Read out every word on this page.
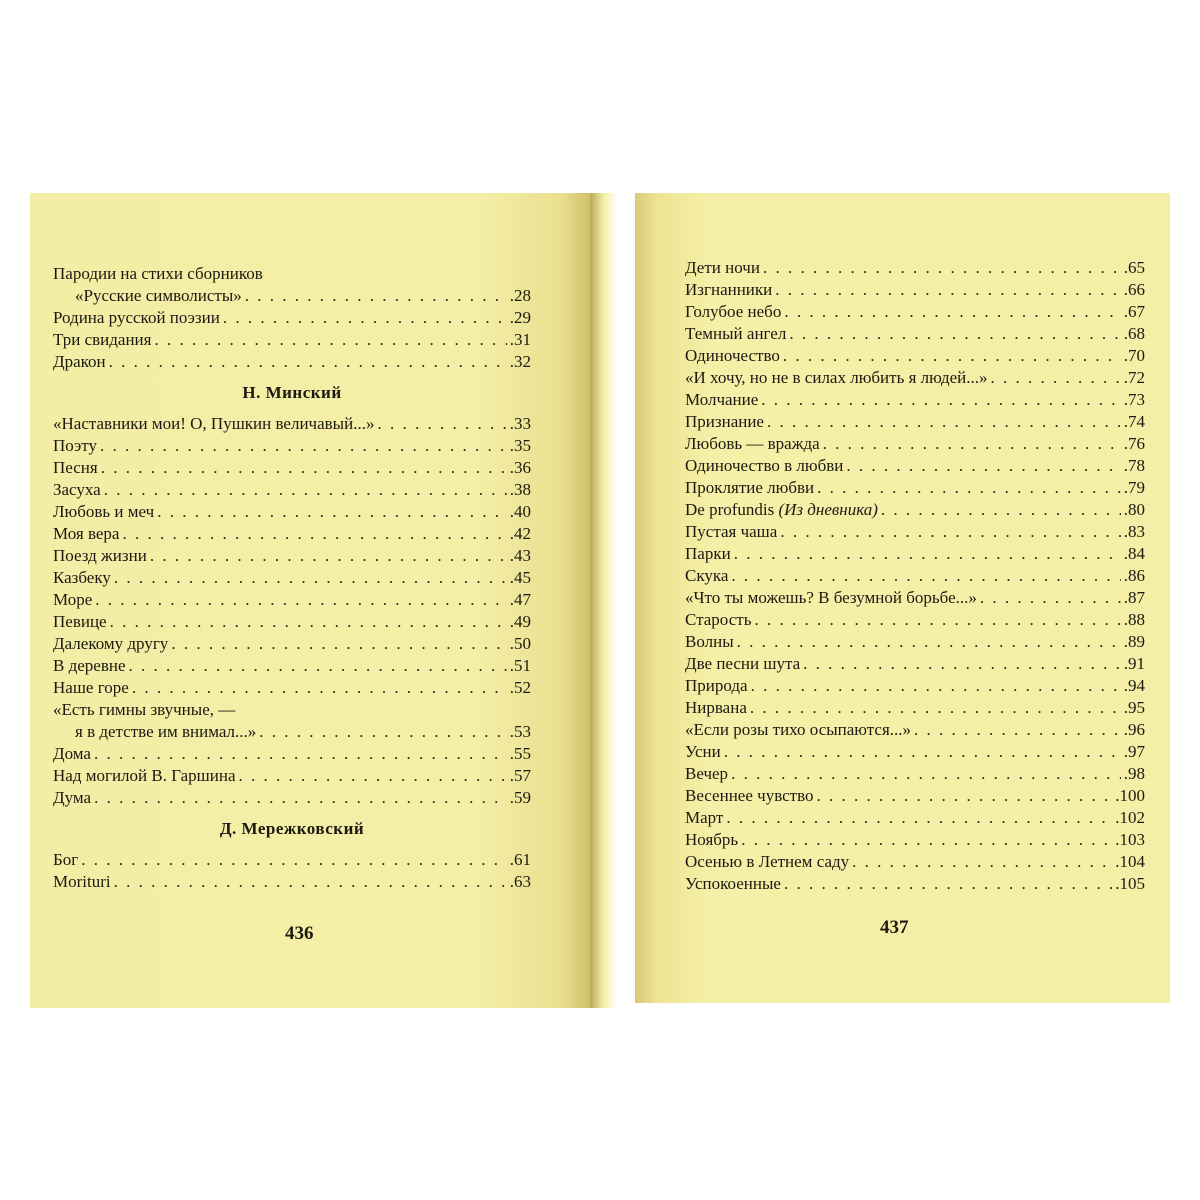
Пародии на стихи сборников
«Русские символисты» . . .	.28
Родина русской поэзии . . .	.29
Три свидания . . .	.31
Дракон . . .	.32
Н. Минский
«Наставники мои! О, Пушкин величавый...» . . .	.33
Поэту . . .	.35
Песня . . .	.36
Засуха . . .	.38
Любовь и меч . . .	.40
Моя вера . . .	.42
Поезд жизни . . .	.43
Казбеку . . .	.45
Море . . .	.47
Певице . . .	.49
Далекому другу . . .	.50
В деревне . . .	.51
Наше горе . . .	.52
«Есть гимны звучные, —
я в детстве им внимал...» . . .	.53
Дома . . .	.55
Над могилой В. Гаршина . . .	.57
Дума . . .	.59
Д. Мережковский
Бог . . .	.61
Morituri . . .	.63
436
Дети ночи . . .	.65
Изгнанники . . .	.66
Голубое небо . . .	.67
Темный ангел . . .	.68
Одиночество . . .	.70
«И хочу, но не в силах любить я людей...» . . .	.72
Молчание . . .	.73
Признание . . .	.74
Любовь — вражда . . .	.76
Одиночество в любви . . .	.78
Проклятие любви . . .	.79
De profundis (Из дневника) . . .	.80
Пустая чаша . . .	.83
Парки . . .	.84
Скука . . .	.86
«Что ты можешь? В безумной борьбе...» . . .	.87
Старость . . .	.88
Волны . . .	.89
Две песни шута . . .	.91
Природа . . .	.94
Нирвана . . .	.95
«Если розы тихо осыпаются...» . . .	.96
Усни . . .	.97
Вечер . . .	.98
Весеннее чувство . . .	.100
Март . . .	.102
Ноябрь . . .	.103
Осенью в Летнем саду . . .	.104
Успокоенные . . .	.105
437
